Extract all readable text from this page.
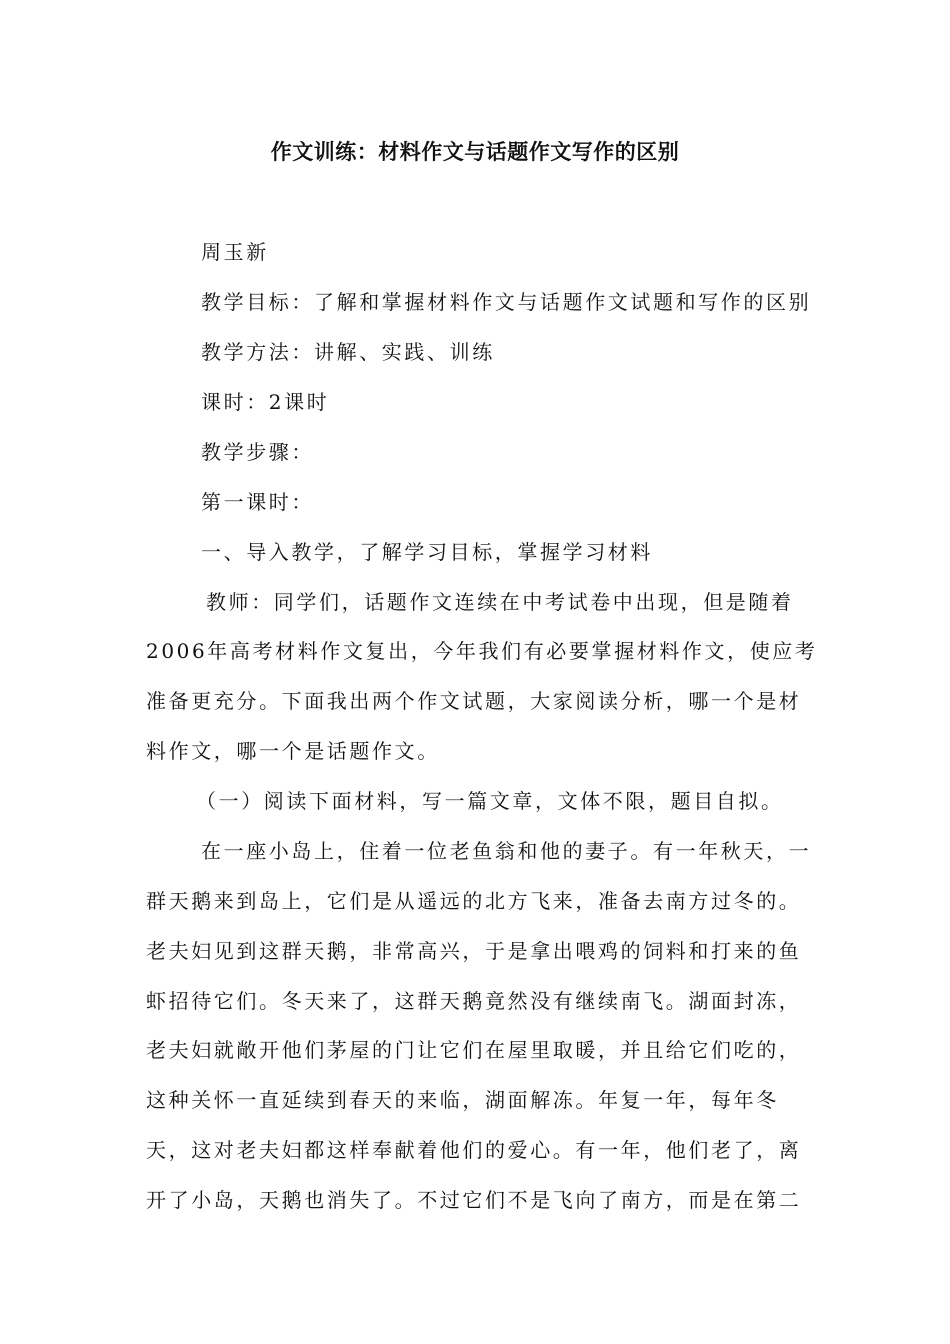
作文训练：材料作文与话题作文写作的区别
周玉新
教学目标：了解和掌握材料作文与话题作文试题和写作的区别
教学方法：讲解、实践、训练
课时：2课时
教学步骤：
第一课时：
一、导入教学，了解学习目标，掌握学习材料
教师：同学们，话题作文连续在中考试卷中出现，但是随着
2006年高考材料作文复出，今年我们有必要掌握材料作文，使应考
准备更充分。下面我出两个作文试题，大家阅读分析，哪一个是材
料作文，哪一个是话题作文。
（一）阅读下面材料，写一篇文章，文体不限，题目自拟。
在一座小岛上，住着一位老鱼翁和他的妻子。有一年秋天，一
群天鹅来到岛上，它们是从遥远的北方飞来，准备去南方过冬的。
老夫妇见到这群天鹅，非常高兴，于是拿出喂鸡的饲料和打来的鱼
虾招待它们。冬天来了，这群天鹅竟然没有继续南飞。湖面封冻，
老夫妇就敞开他们茅屋的门让它们在屋里取暖，并且给它们吃的，
这种关怀一直延续到春天的来临，湖面解冻。年复一年，每年冬
天，这对老夫妇都这样奉献着他们的爱心。有一年，他们老了，离
开了小岛，天鹅也消失了。不过它们不是飞向了南方，而是在第二
